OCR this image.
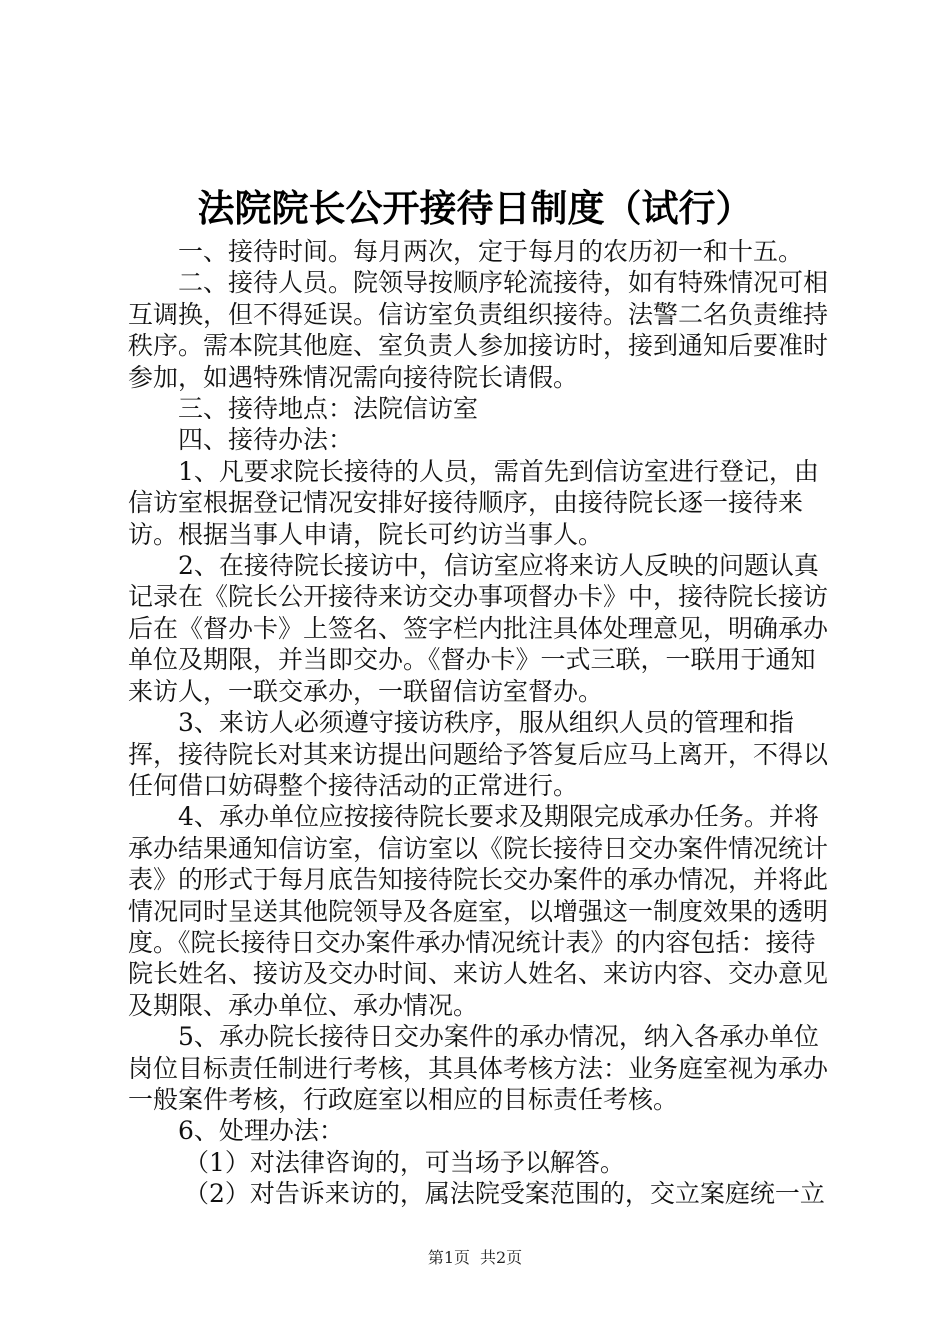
法院院长公开接待日制度（试行）

一、接待时间。每月两次，定于每月的农历初一和十五。

二、接待人员。院领导按顺序轮流接待，如有特殊情况可相互调换，但不得延误。信访室负责组织接待。法警二名负责维持秩序。需本院其他庭、室负责人参加接访时，接到通知后要准时参加，如遇特殊情况需向接待院长请假。

三、接待地点：法院信访室

四、接待办法：

1、凡要求院长接待的人员，需首先到信访室进行登记，由信访室根据登记情况安排好接待顺序，由接待院长逐一接待来访。根据当事人申请，院长可约访当事人。

2、在接待院长接访中，信访室应将来访人反映的问题认真记录在《院长公开接待来访交办事项督办卡》中，接待院长接访后在《督办卡》上签名、签字栏内批注具体处理意见，明确承办单位及期限，并当即交办。《督办卡》一式三联，一联用于通知来访人，一联交承办，一联留信访室督办。

3、来访人必须遵守接访秩序，服从组织人员的管理和指挥，接待院长对其来访提出问题给予答复后应马上离开，不得以任何借口妨碍整个接待活动的正常进行。

4、承办单位应按接待院长要求及期限完成承办任务。并将承办结果通知信访室，信访室以《院长接待日交办案件情况统计表》的形式于每月底告知接待院长交办案件的承办情况，并将此情况同时呈送其他院领导及各庭室，以增强这一制度效果的透明度。《院长接待日交办案件承办情况统计表》的内容包括：接待院长姓名、接访及交办时间、来访人姓名、来访内容、交办意见及期限、承办单位、承办情况。

5、承办院长接待日交办案件的承办情况，纳入各承办单位岗位目标责任制进行考核，其具体考核方法：业务庭室视为承办一般案件考核，行政庭室以相应的目标责任考核。

6、处理办法：

（1）对法律咨询的，可当场予以解答。

（2）对告诉来访的，属法院受案范围的，交立案庭统一立

第1页 共2页
